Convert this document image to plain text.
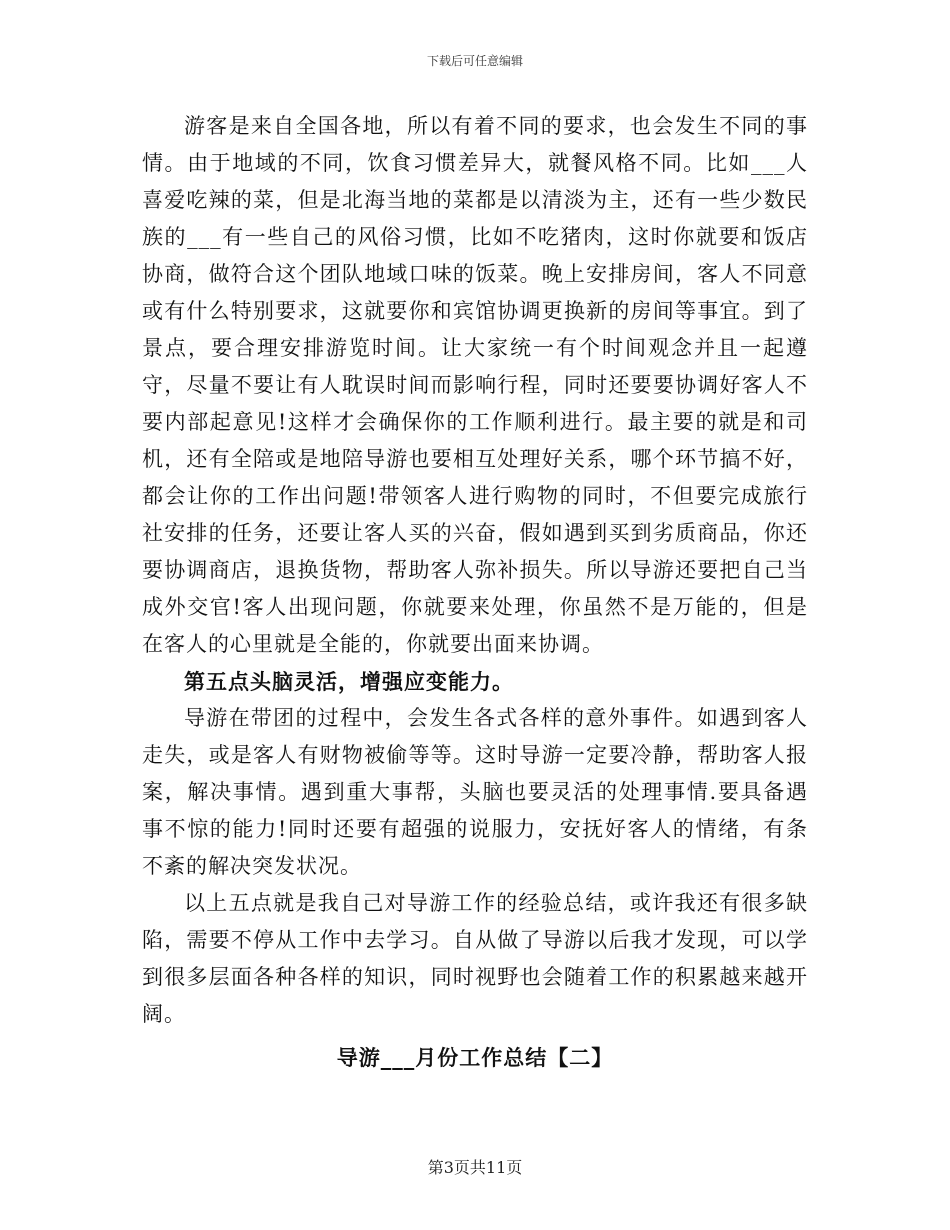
下载后可任意编辑

游客是来自全国各地，所以有着不同的要求，也会发生不同的事情。由于地域的不同，饮食习惯差异大，就餐风格不同。比如___人喜爱吃辣的菜，但是北海当地的菜都是以清淡为主，还有一些少数民族的___有一些自己的风俗习惯，比如不吃猪肉，这时你就要和饭店协商，做符合这个团队地域口味的饭菜。晚上安排房间，客人不同意或有什么特别要求，这就要你和宾馆协调更换新的房间等事宜。到了景点，要合理安排游览时间。让大家统一有个时间观念并且一起遵守，尽量不要让有人耽误时间而影响行程，同时还要要协调好客人不要内部起意见!这样才会确保你的工作顺利进行。最主要的就是和司机，还有全陪或是地陪导游也要相互处理好关系，哪个环节搞不好，都会让你的工作出问题!带领客人进行购物的同时，不但要完成旅行社安排的任务，还要让客人买的兴奋，假如遇到买到劣质商品，你还要协调商店，退换货物，帮助客人弥补损失。所以导游还要把自己当成外交官!客人出现问题，你就要来处理，你虽然不是万能的，但是在客人的心里就是全能的，你就要出面来协调。

第五点头脑灵活，增强应变能力。

导游在带团的过程中，会发生各式各样的意外事件。如遇到客人走失，或是客人有财物被偷等等。这时导游一定要冷静，帮助客人报案，解决事情。遇到重大事帮，头脑也要灵活的处理事情.要具备遇事不惊的能力!同时还要有超强的说服力，安抚好客人的情绪，有条不紊的解决突发状况。

以上五点就是我自己对导游工作的经验总结，或许我还有很多缺陷，需要不停从工作中去学习。自从做了导游以后我才发现，可以学到很多层面各种各样的知识，同时视野也会随着工作的积累越来越开阔。

导游___月份工作总结【二】

第3页共11页
